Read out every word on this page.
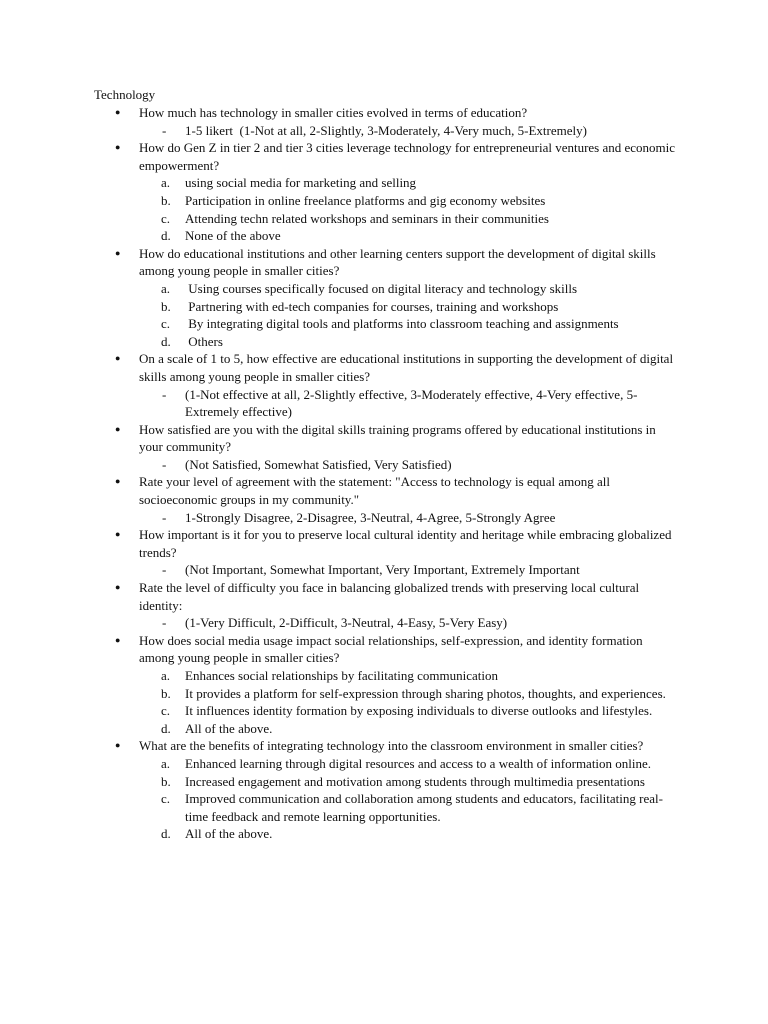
Technology
● How much has technology in smaller cities evolved in terms of education?
- 1-5 likert  (1-Not at all, 2-Slightly, 3-Moderately, 4-Very much, 5-Extremely)
● How do Gen Z in tier 2 and tier 3 cities leverage technology for entrepreneurial ventures and economic empowerment?
a. using social media for marketing and selling
b. Participation in online freelance platforms and gig economy websites
c. Attending techn related workshops and seminars in their communities
d. None of the above
● How do educational institutions and other learning centers support the development of digital skills among young people in smaller cities?
a. Using courses specifically focused on digital literacy and technology skills
b. Partnering with ed-tech companies for courses, training and workshops
c. By integrating digital tools and platforms into classroom teaching and assignments
d. Others
● On a scale of 1 to 5, how effective are educational institutions in supporting the development of digital skills among young people in smaller cities?
- (1-Not effective at all, 2-Slightly effective, 3-Moderately effective, 4-Very effective, 5-Extremely effective)
● How satisfied are you with the digital skills training programs offered by educational institutions in your community?
- (Not Satisfied, Somewhat Satisfied, Very Satisfied)
● Rate your level of agreement with the statement: "Access to technology is equal among all socioeconomic groups in my community."
- 1-Strongly Disagree, 2-Disagree, 3-Neutral, 4-Agree, 5-Strongly Agree
● How important is it for you to preserve local cultural identity and heritage while embracing globalized trends?
- (Not Important, Somewhat Important, Very Important, Extremely Important
● Rate the level of difficulty you face in balancing globalized trends with preserving local cultural identity:
- (1-Very Difficult, 2-Difficult, 3-Neutral, 4-Easy, 5-Very Easy)
● How does social media usage impact social relationships, self-expression, and identity formation among young people in smaller cities?
a. Enhances social relationships by facilitating communication
b. It provides a platform for self-expression through sharing photos, thoughts, and experiences.
c. It influences identity formation by exposing individuals to diverse outlooks and lifestyles.
d. All of the above.
● What are the benefits of integrating technology into the classroom environment in smaller cities?
a. Enhanced learning through digital resources and access to a wealth of information online.
b. Increased engagement and motivation among students through multimedia presentations
c. Improved communication and collaboration among students and educators, facilitating real-time feedback and remote learning opportunities.
d. All of the above.
